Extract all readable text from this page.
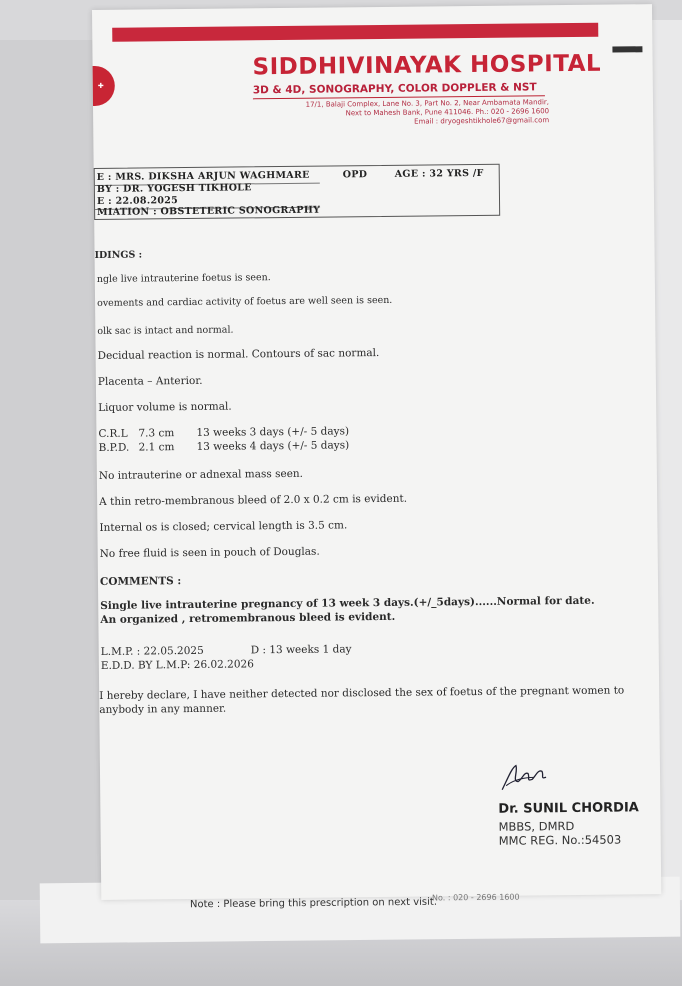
✚
SIDDHIVINAYAK HOSPITAL
3D & 4D, SONOGRAPHY, COLOR DOPPLER & NST
17/1, Balaji Complex, Lane No. 3, Part No. 2, Near Ambamata Mandir,
Next to Mahesh Bank, Pune 411046. Ph.: 020 - 2696 1600
Email : dryogeshtikhole67@gmail.com
E : MRS. DIKSHA ARJUN WAGHMARE	OPD	AGE : 32 YRS /F
BY : DR. YOGESH TIKHOLE
E : 22.08.2025
MIATION : OBSTETERIC SONOGRAPHY
IDINGS :
ngle live intrauterine foetus is seen.
ovements and cardiac activity of foetus are well seen is seen.
olk sac is intact and normal.
Decidual reaction is normal. Contours of sac normal.
Placenta – Anterior.
Liquor volume is normal.
C.R.L 7.3 cm 13 weeks 3 days (+/- 5 days)
B.P.D. 2.1 cm 13 weeks 4 days (+/- 5 days)
No intrauterine or adnexal mass seen.
A thin retro-membranous bleed of 2.0 x 0.2 cm is evident.
Internal os is closed; cervical length is 3.5 cm.
No free fluid is seen in pouch of Douglas.
COMMENTS :
Single live intrauterine pregnancy of 13 week 3 days.(+/_5days)......Normal for date.
An organized , retromembranous bleed is evident.
L.M.P. : 22.05.2025	D : 13 weeks 1 day
E.D.D. BY L.M.P: 26.02.2026
I hereby declare, I have neither detected nor disclosed the sex of foetus of the pregnant women to
anybody in any manner.
Dr. SUNIL CHORDIA
MBBS, DMRD
MMC REG. No.:54503
No. : 020 - 2696 1600
Note : Please bring this prescription on next visit.
